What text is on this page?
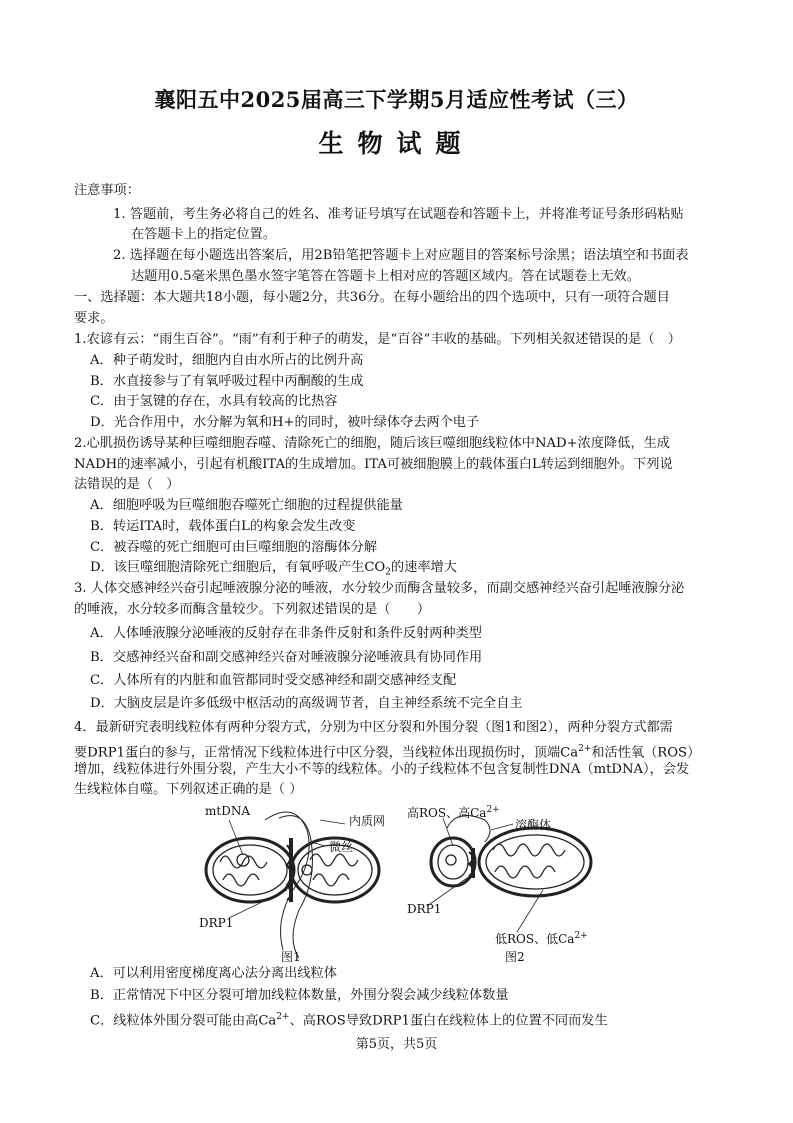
襄阳五中2025届高三下学期5月适应性考试（三）
生物试题
注意事项：
1. 答题前，考生务必将自己的姓名、准考证号填写在试题卷和答题卡上，并将准考证号条形码粘贴
在答题卡上的指定位置。
2. 选择题在每小题选出答案后，用2B铅笔把答题卡上对应题目的答案标号涂黑；语法填空和书面表
达题用0.5毫米黑色墨水签字笔答在答题卡上相对应的答题区域内。答在试题卷上无效。
一、选择题：本大题共18小题，每小题2分，共36分。在每小题给出的四个选项中，只有一项符合题目
要求。
1.农谚有云：“雨生百谷”。“雨”有利于种子的萌发，是“百谷”丰收的基础。下列相关叙述错误的是（　）
A．种子萌发时，细胞内自由水所占的比例升高
B．水直接参与了有氧呼吸过程中丙酮酸的生成
C．由于氢键的存在，水具有较高的比热容
D．光合作用中，水分解为氧和H+的同时，被叶绿体夺去两个电子
2.心肌损伤诱导某种巨噬细胞吞噬、清除死亡的细胞，随后该巨噬细胞线粒体中NAD+浓度降低，生成
NADH的速率减小，引起有机酸ITA的生成增加。ITA可被细胞膜上的载体蛋白L转运到细胞外。下列说
法错误的是（　）
A．细胞呼吸为巨噬细胞吞噬死亡细胞的过程提供能量
B．转运ITA时，载体蛋白L的构象会发生改变
C．被吞噬的死亡细胞可由巨噬细胞的溶酶体分解
D．该巨噬细胞清除死亡细胞后，有氧呼吸产生$CO_2$的速率增大
3. 人体交感神经兴奋引起唾液腺分泌的唾液，水分较少而酶含量较多，而副交感神经兴奋引起唾液腺分泌
的唾液，水分较多而酶含量较少。下列叙述错误的是（　　）
A．人体唾液腺分泌唾液的反射存在非条件反射和条件反射两种类型
B．交感神经兴奋和副交感神经兴奋对唾液腺分泌唾液具有协同作用
C．人体所有的内脏和血管都同时受交感神经和副交感神经支配
D．大脑皮层是许多低级中枢活动的高级调节者，自主神经系统不完全自主
4．最新研究表明线粒体有两种分裂方式，分别为中区分裂和外围分裂（图1和图2），两种分裂方式都需
要DRP1蛋白的参与，正常情况下线粒体进行中区分裂，当线粒体出现损伤时，顶端$Ca^{2+}$和活性氧（ROS）
增加，线粒体进行外围分裂，产生大小不等的线粒体。小的子线粒体不包含复制性DNA（mtDNA），会发
生线粒体自噬。下列叙述正确的是（ ）
mtDNA
内质网
微丝
DRP1
图1
高ROS、高$Ca^{2+}$
溶酶体
DRP1
低ROS、低$Ca^{2+}$
图2
A．可以利用密度梯度离心法分离出线粒体
B．正常情况下中区分裂可增加线粒体数量，外围分裂会减少线粒体数量
C．线粒体外围分裂可能由高$Ca^{2+}$、高ROS导致DRP1蛋白在线粒体上的位置不同而发生
第5页，共5页
